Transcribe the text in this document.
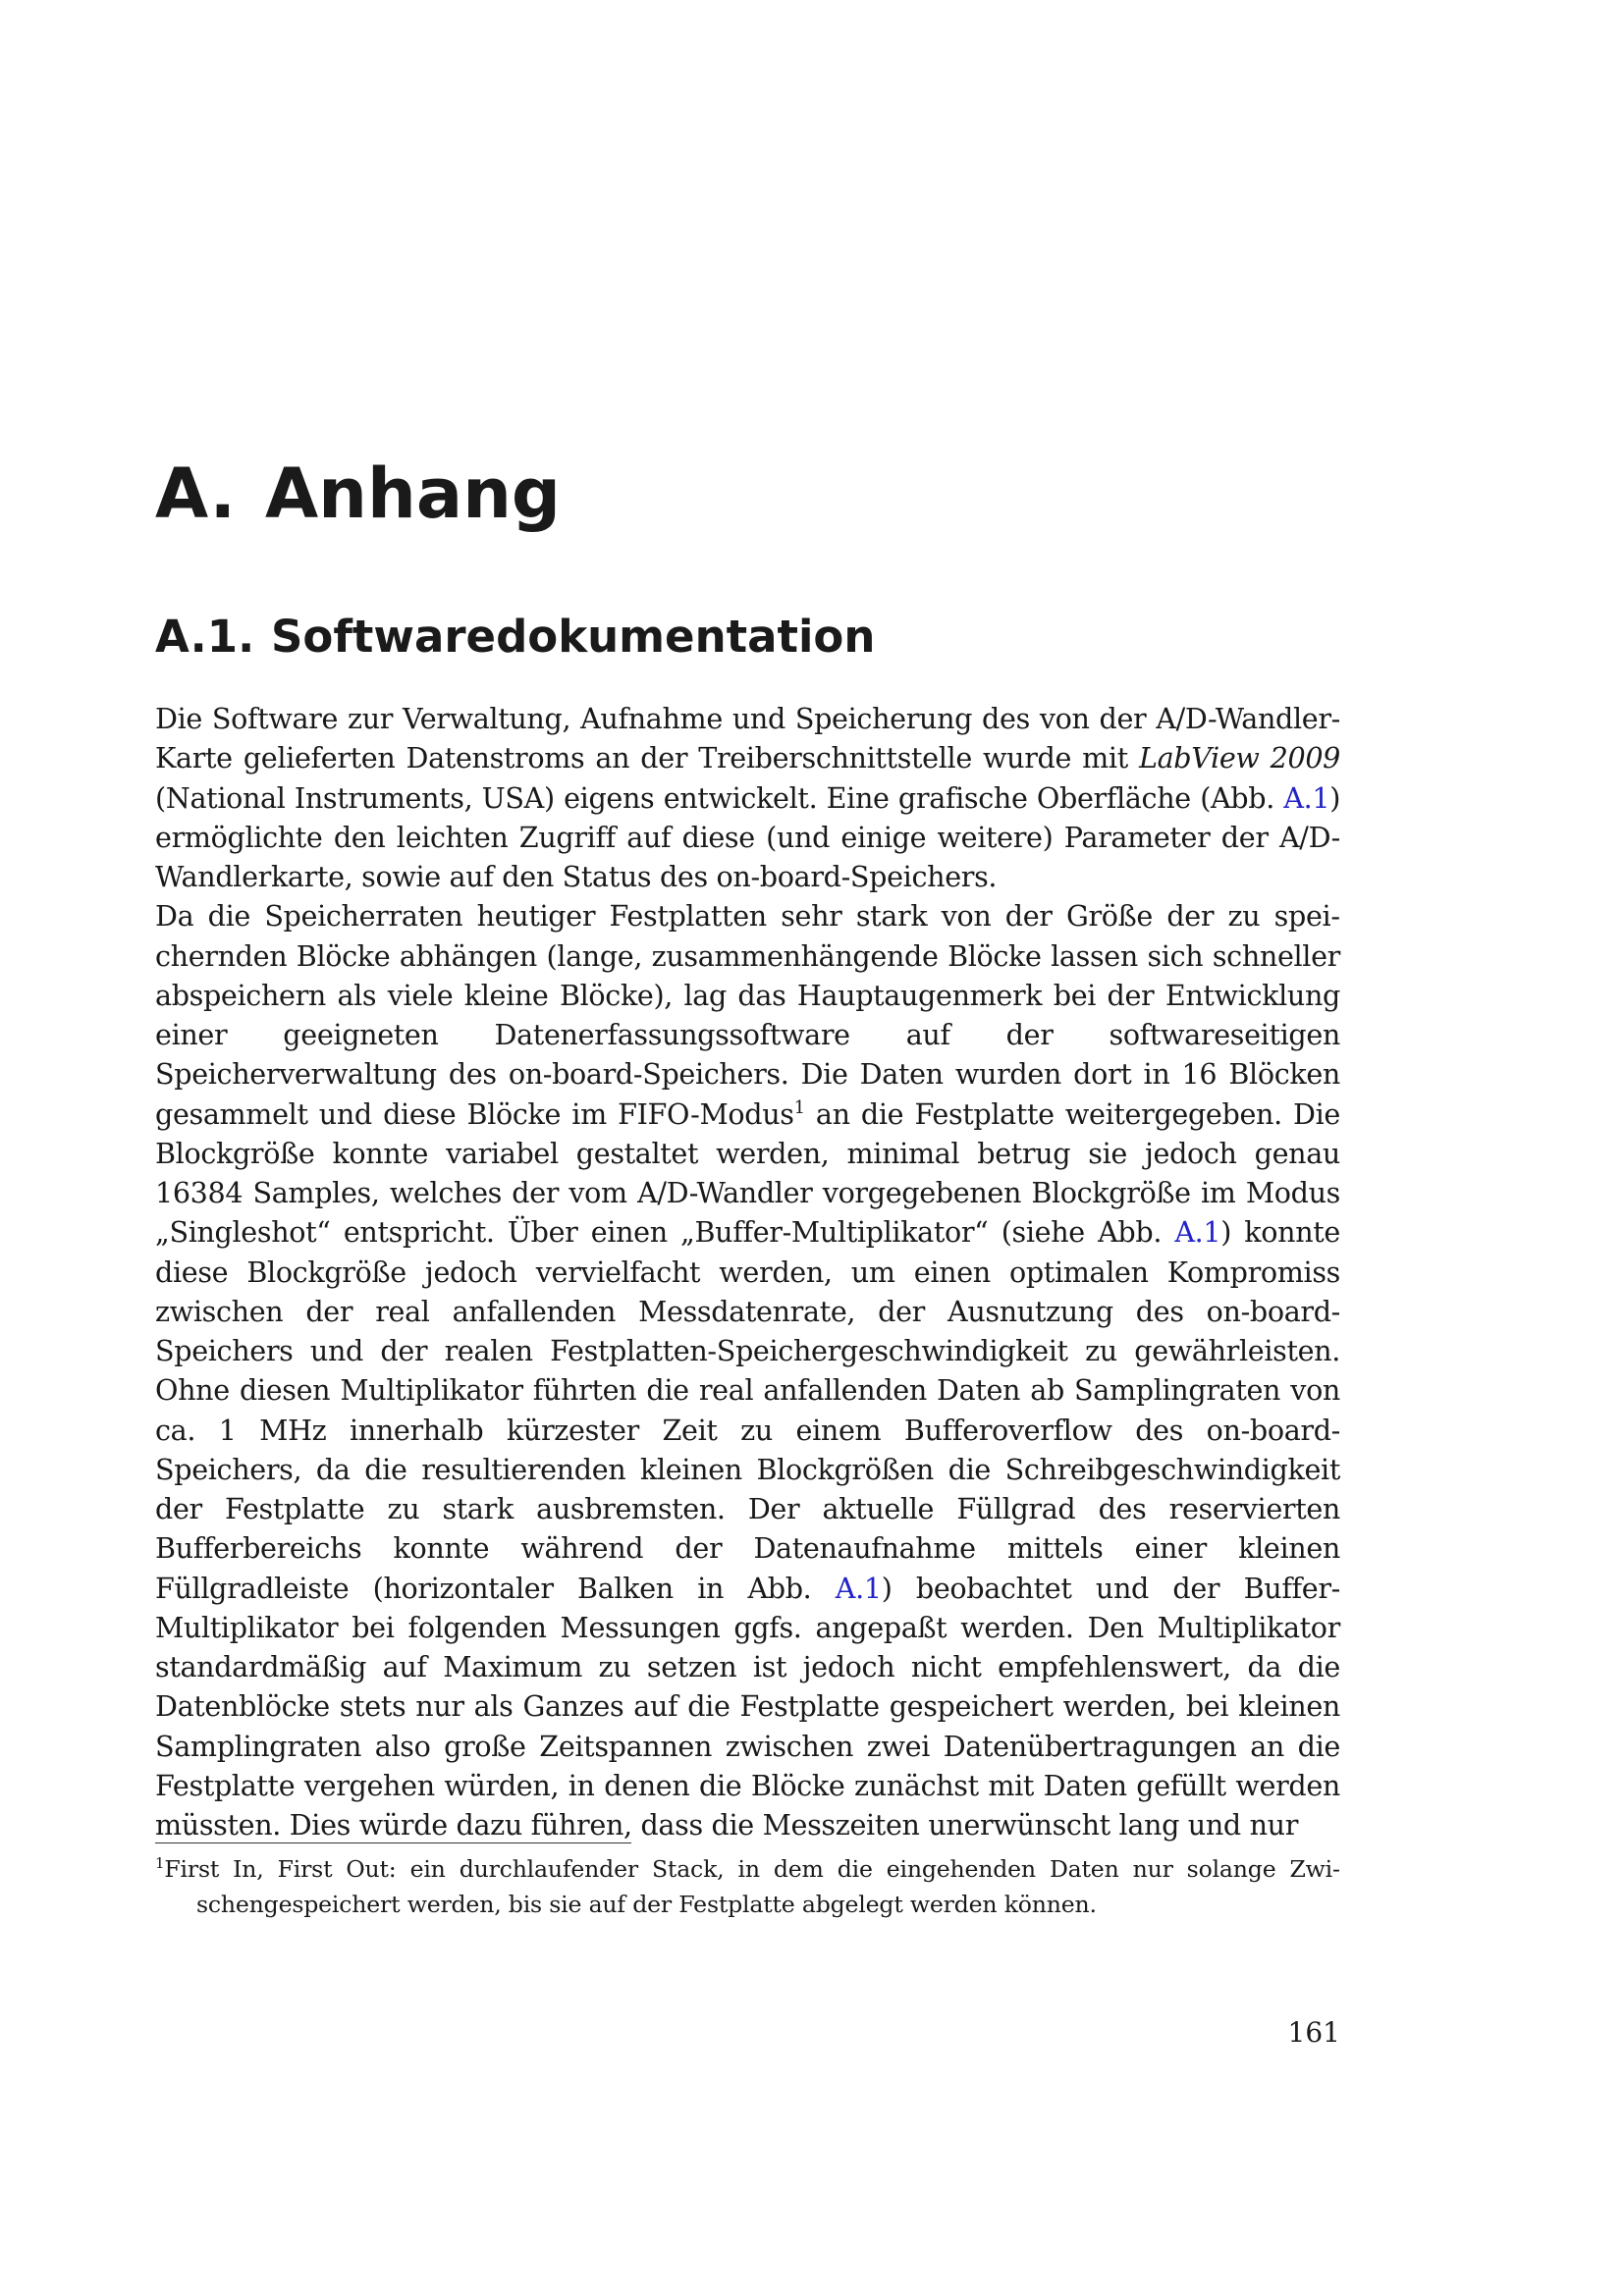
A. Anhang
A.1. Softwaredokumentation

Die Software zur Verwaltung, Aufnahme und Speicherung des von der A/D-Wandler-Karte gelieferten Datenstroms an der Treiberschnittstelle wurde mit LabView 2009 (National Instruments, USA) eigens entwickelt. Eine grafische Oberfläche (Abb. A.1) ermöglichte den leichten Zugriff auf diese (und einige weitere) Parameter der A/D-Wandlerkarte, sowie auf den Status des on-board-Speichers.

Da die Speicherraten heutiger Festplatten sehr stark von der Größe der zu speichernden Blöcke abhängen (lange, zusammenhängende Blöcke lassen sich schneller abspeichern als viele kleine Blöcke), lag das Hauptaugenmerk bei der Entwicklung einer geeigneten Datenerfassungssoftware auf der softwareseitigen Speicherverwaltung des on-board-Speichers. Die Daten wurden dort in 16 Blöcken gesammelt und diese Blöcke im FIFO-Modus$^1$ an die Festplatte weitergegeben. Die Blockgröße konnte variabel gestaltet werden, minimal betrug sie jedoch genau 16384 Samples, welches der vom A/D-Wandler vorgegebenen Blockgröße im Modus „Singleshot“ entspricht. Über einen „Buffer-Multiplikator“ (siehe Abb. A.1) konnte diese Blockgröße jedoch vervielfacht werden, um einen optimalen Kompromiss zwischen der real anfallenden Messdatenrate, der Ausnutzung des on-board-Speichers und der realen Festplatten-Speichergeschwindigkeit zu gewährleisten. Ohne diesen Multiplikator führten die real anfallenden Daten ab Samplingraten von ca. 1 MHz innerhalb kürzester Zeit zu einem Bufferoverflow des on-board-Speichers, da die resultierenden kleinen Blockgrößen die Schreibgeschwindigkeit der Festplatte zu stark ausbremsten. Der aktuelle Füllgrad des reservierten Bufferbereichs konnte während der Datenaufnahme mittels einer kleinen Füllgradleiste (horizontaler Balken in Abb. A.1) beobachtet und der Buffer-Multiplikator bei folgenden Messungen ggfs. angepaßt werden. Den Multiplikator standardmäßig auf Maximum zu setzen ist jedoch nicht empfehlenswert, da die Datenblöcke stets nur als Ganzes auf die Festplatte gespeichert werden, bei kleinen Samplingraten also große Zeitspannen zwischen zwei Datenübertragungen an die Festplatte vergehen würden, in denen die Blöcke zunächst mit Daten gefüllt werden müssten. Dies würde dazu führen, dass die Messzeiten unerwünscht lang und nur

$^1$First In, First Out: ein durchlaufender Stack, in dem die eingehenden Daten nur solange Zwischengespeichert werden, bis sie auf der Festplatte abgelegt werden können.

161
